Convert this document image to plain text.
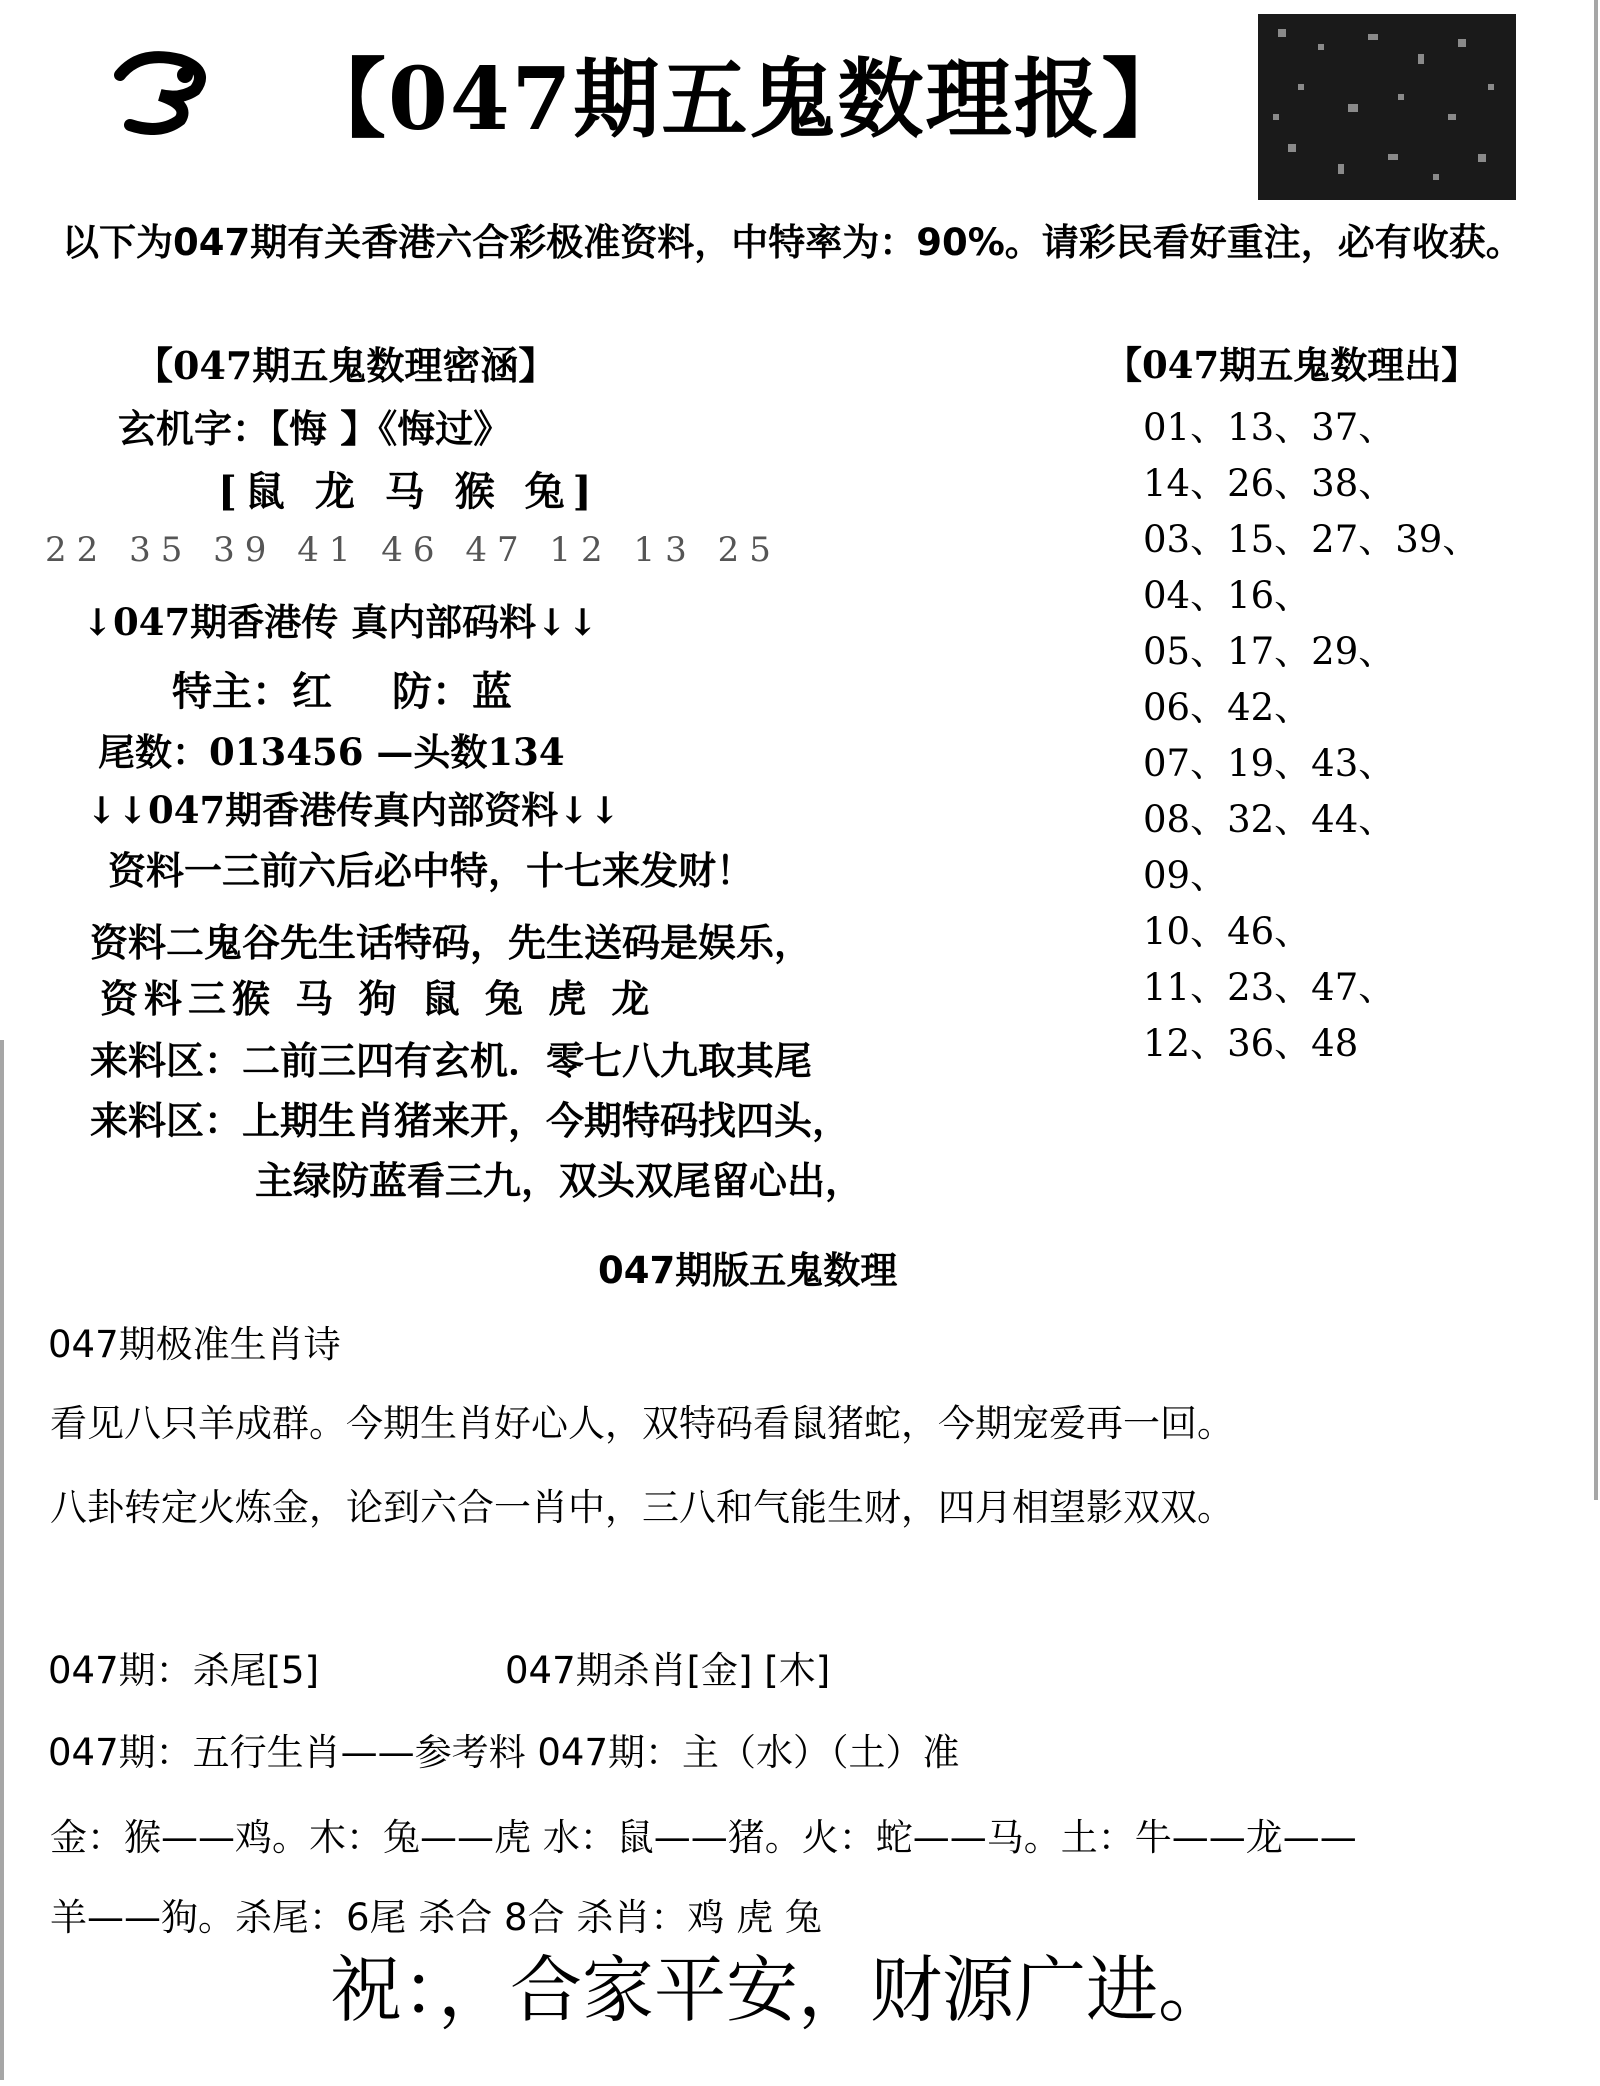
【047期五鬼数理报】
以下为047期有关香港六合彩极准资料，中特率为：90%。请彩民看好重注，必有收获。
【047期五鬼数理密涵】
玄机字：【悔 】《悔过》
[鼠 龙 马 猴 兔]
22 35 39 41 46 47 12 13 25
↓047期香港传 真内部码料↓↓
特主：红 防：蓝
尾数：013456 —头数134
↓↓047期香港传真内部资料↓↓
资料一三前六后必中特，十七来发财！
资料二鬼谷先生话特码，先生送码是娱乐，
资料三猴 马 狗 鼠 兔 虎 龙
来料区：二前三四有玄机．零七八九取其尾
来料区：上期生肖猪来开，今期特码找四头，
主绿防蓝看三九，双头双尾留心出，
【047期五鬼数理出】
01、13、37、
14、26、38、
03、15、27、39、
04、16、
05、17、29、
06、42、
07、19、43、
08、32、44、
09、
10、46、
11、23、47、
12、36、48
047期版五鬼数理
047期极准生肖诗
看见八只羊成群。今期生肖好心人，双特码看鼠猪蛇，今期宠爱再一回。
八卦转定火炼金，论到六合一肖中，三八和气能生财，四月相望影双双。
047期：杀尾[5]	047期杀肖[金] [木]
047期：五行生肖——参考料 047期：主（水）（土）准
金：猴——鸡。木：兔——虎 水：鼠——猪。火：蛇——马。土：牛——龙——
羊——狗。杀尾：6尾 杀合 8合 杀肖：鸡 虎 兔
祝：，合家平安，财源广进。
